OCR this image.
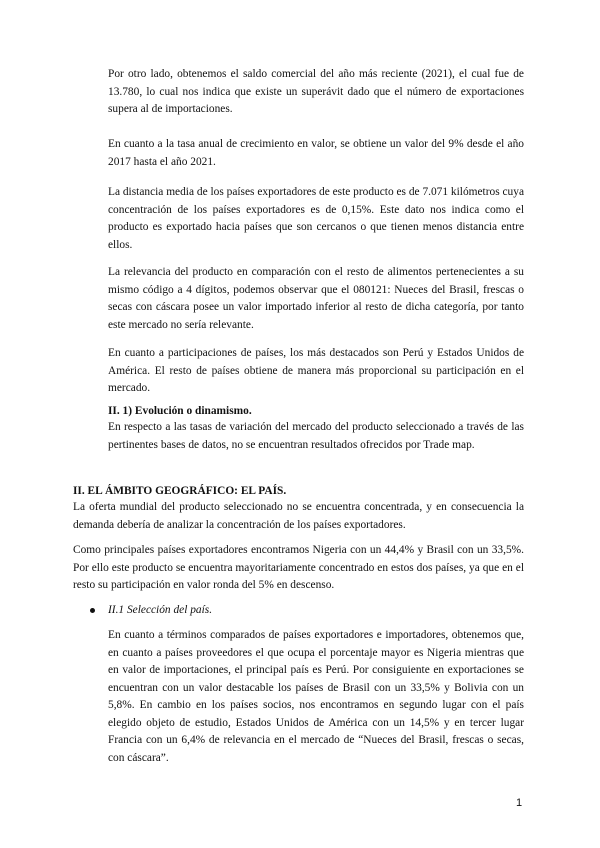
Por otro lado, obtenemos el saldo comercial del año más reciente (2021), el cual fue de 13.780, lo cual nos indica que existe un superávit dado que el número de exportaciones supera al de importaciones.

En cuanto a la tasa anual de crecimiento en valor, se obtiene un valor del 9% desde el año 2017 hasta el año 2021.

La distancia media de los países exportadores de este producto es de 7.071 kilómetros cuya concentración de los países exportadores es de 0,15%. Este dato nos indica como el producto es exportado hacia países que son cercanos o que tienen menos distancia entre ellos.

La relevancia del producto en comparación con el resto de alimentos pertenecientes a su mismo código a 4 dígitos, podemos observar que el 080121: Nueces del Brasil, frescas o secas con cáscara posee un valor importado inferior al resto de dicha categoría, por tanto este mercado no sería relevante.

En cuanto a participaciones de países, los más destacados son Perú y Estados Unidos de América. El resto de países obtiene de manera más proporcional su participación en el mercado.

II. 1) Evolución o dinamismo.

En respecto a las tasas de variación del mercado del producto seleccionado a través de las pertinentes bases de datos, no se encuentran resultados ofrecidos por Trade map.

II. EL ÁMBITO GEOGRÁFICO: EL PAÍS.

La oferta mundial del producto seleccionado no se encuentra concentrada, y en consecuencia la demanda debería de analizar la concentración de los países exportadores.

Como principales países exportadores encontramos Nigeria con un 44,4% y Brasil con un 33,5%. Por ello este producto se encuentra mayoritariamente concentrado en estos dos países, ya que en el resto su participación en valor ronda del 5% en descenso.

II.1 Selección del país.

En cuanto a términos comparados de países exportadores e importadores, obtenemos que, en cuanto a países proveedores el que ocupa el porcentaje mayor es Nigeria mientras que en valor de importaciones, el principal país es Perú. Por consiguiente en exportaciones se encuentran con un valor destacable los países de Brasil con un 33,5% y Bolivia con un 5,8%. En cambio en los países socios, nos encontramos en segundo lugar con el país elegido objeto de estudio, Estados Unidos de América con un 14,5% y en tercer lugar Francia con un 6,4% de relevancia en el mercado de “Nueces del Brasil, frescas o secas, con cáscara”.

1
